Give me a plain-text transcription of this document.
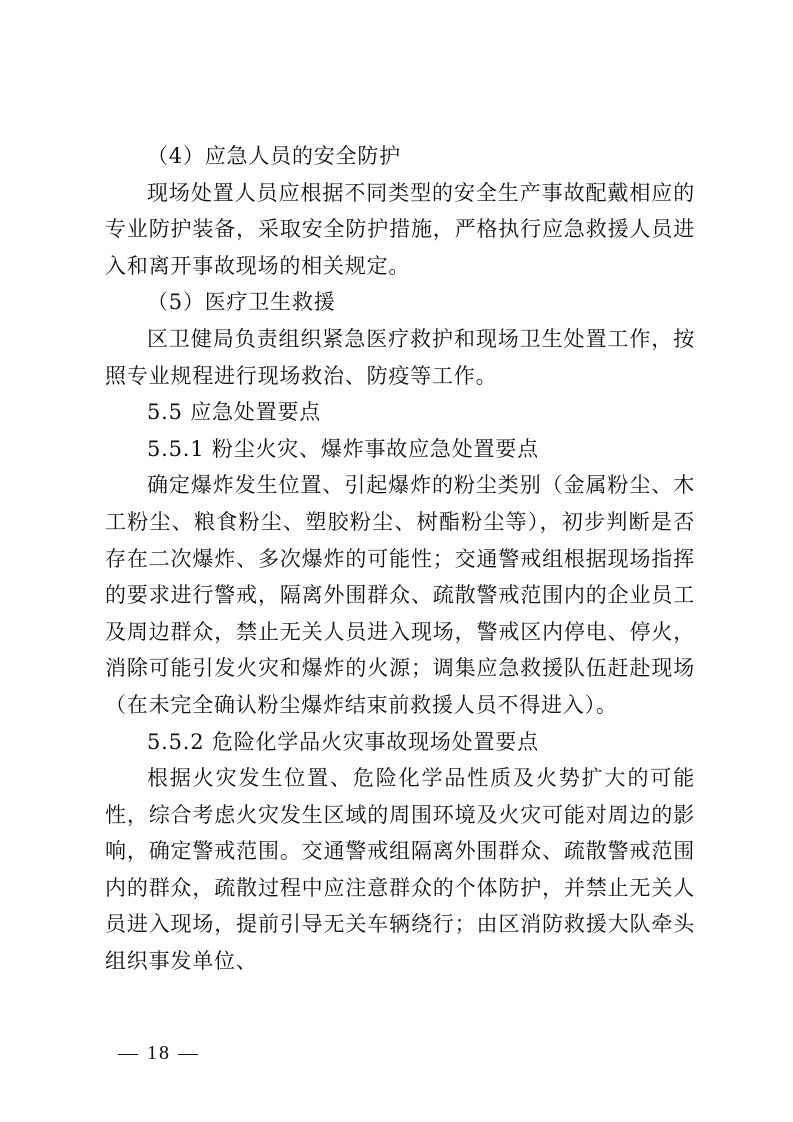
（4）应急人员的安全防护

现场处置人员应根据不同类型的安全生产事故配戴相应的专业防护装备，采取安全防护措施，严格执行应急救援人员进入和离开事故现场的相关规定。

（5）医疗卫生救援

区卫健局负责组织紧急医疗救护和现场卫生处置工作，按照专业规程进行现场救治、防疫等工作。

5.5 应急处置要点

5.5.1 粉尘火灾、爆炸事故应急处置要点

确定爆炸发生位置、引起爆炸的粉尘类别（金属粉尘、木工粉尘、粮食粉尘、塑胶粉尘、树酯粉尘等），初步判断是否存在二次爆炸、多次爆炸的可能性；交通警戒组根据现场指挥的要求进行警戒，隔离外围群众、疏散警戒范围内的企业员工及周边群众，禁止无关人员进入现场，警戒区内停电、停火，消除可能引发火灾和爆炸的火源；调集应急救援队伍赶赴现场（在未完全确认粉尘爆炸结束前救援人员不得进入）。

5.5.2 危险化学品火灾事故现场处置要点

根据火灾发生位置、危险化学品性质及火势扩大的可能性，综合考虑火灾发生区域的周围环境及火灾可能对周边的影响，确定警戒范围。交通警戒组隔离外围群众、疏散警戒范围内的群众，疏散过程中应注意群众的个体防护，并禁止无关人员进入现场，提前引导无关车辆绕行；由区消防救援大队牵头组织事发单位、

— 18 —
